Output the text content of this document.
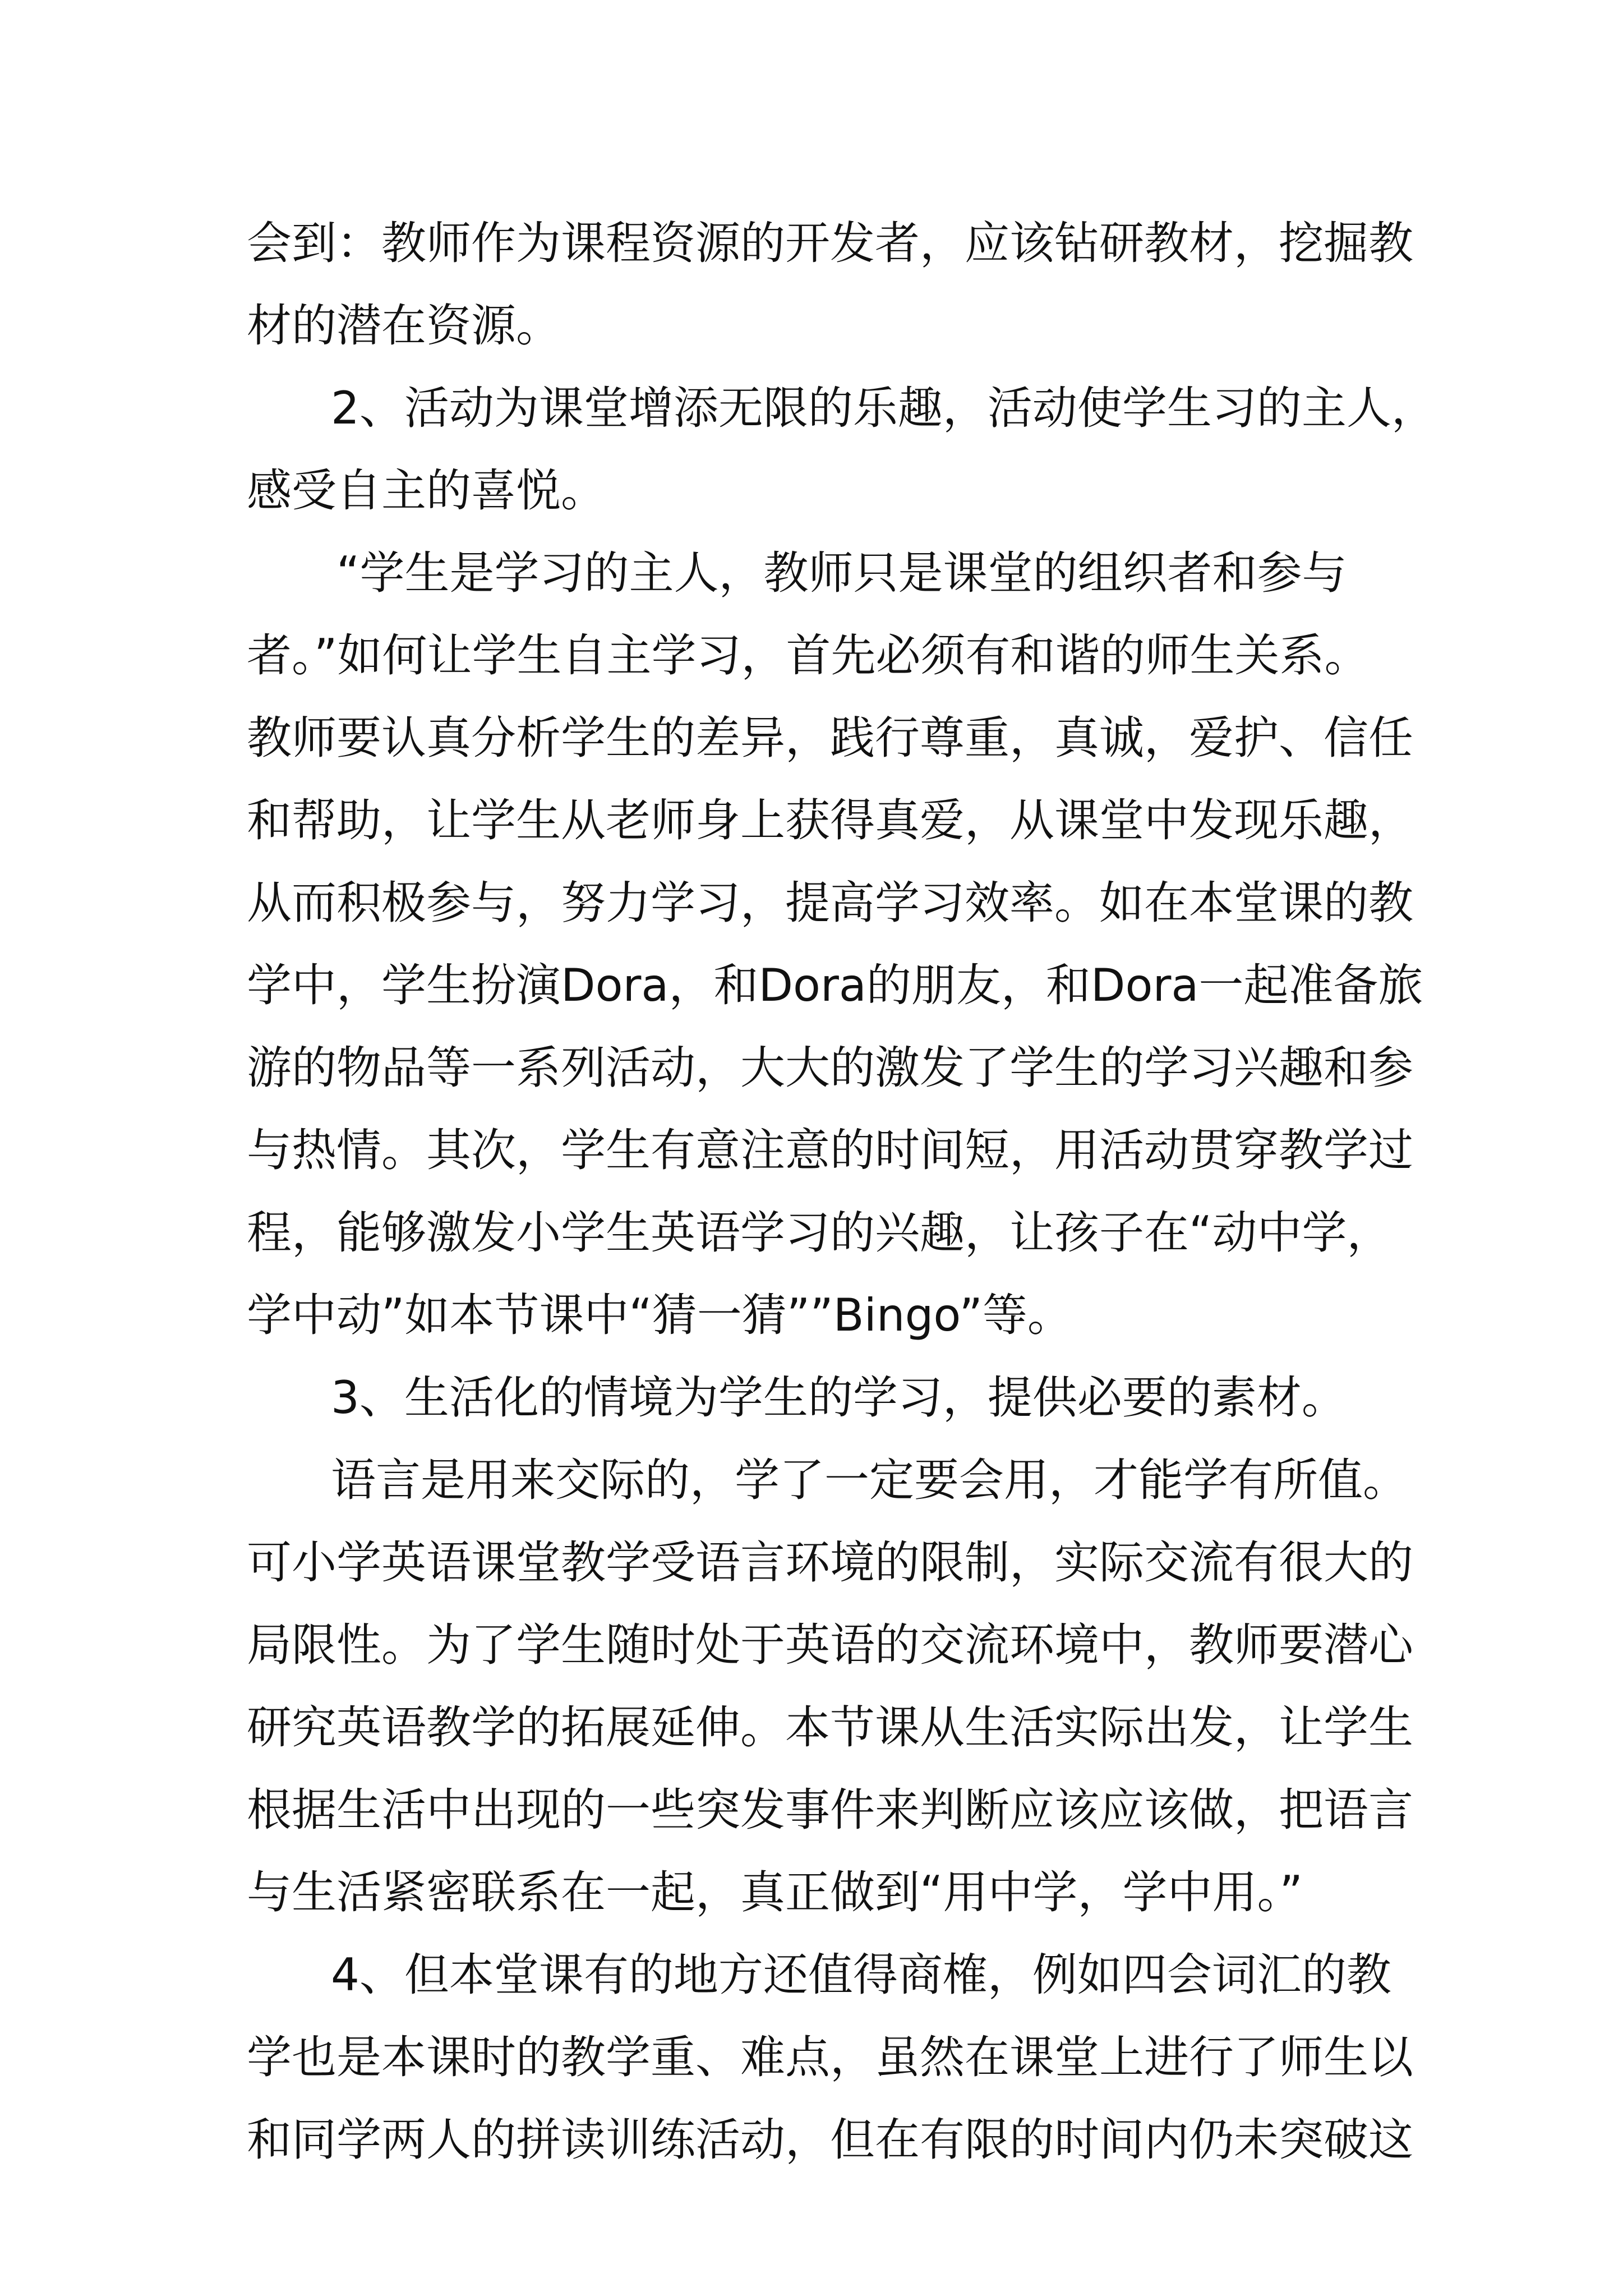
会到：教师作为课程资源的开发者，应该钻研教材，挖掘教
材的潜在资源。
2、活动为课堂增添无限的乐趣，活动使学生习的主人，
感受自主的喜悦。
“学生是学习的主人，教师只是课堂的组织者和参与
者。”如何让学生自主学习，首先必须有和谐的师生关系。
教师要认真分析学生的差异，践行尊重，真诚，爱护、信任
和帮助，让学生从老师身上获得真爱，从课堂中发现乐趣，
从而积极参与，努力学习，提高学习效率。如在本堂课的教
学中，学生扮演Dora，和Dora的朋友，和Dora一起准备旅
游的物品等一系列活动，大大的激发了学生的学习兴趣和参
与热情。其次，学生有意注意的时间短，用活动贯穿教学过
程，能够激发小学生英语学习的兴趣，让孩子在“动中学，
学中动”如本节课中“猜一猜””Bingo”等。
3、生活化的情境为学生的学习，提供必要的素材。
语言是用来交际的，学了一定要会用，才能学有所值。
可小学英语课堂教学受语言环境的限制，实际交流有很大的
局限性。为了学生随时处于英语的交流环境中，教师要潜心
研究英语教学的拓展延伸。本节课从生活实际出发，让学生
根据生活中出现的一些突发事件来判断应该应该做，把语言
与生活紧密联系在一起，真正做到“用中学，学中用。”
4、但本堂课有的地方还值得商榷，例如四会词汇的教
学也是本课时的教学重、难点，虽然在课堂上进行了师生以
和同学两人的拼读训练活动，但在有限的时间内仍未突破这
